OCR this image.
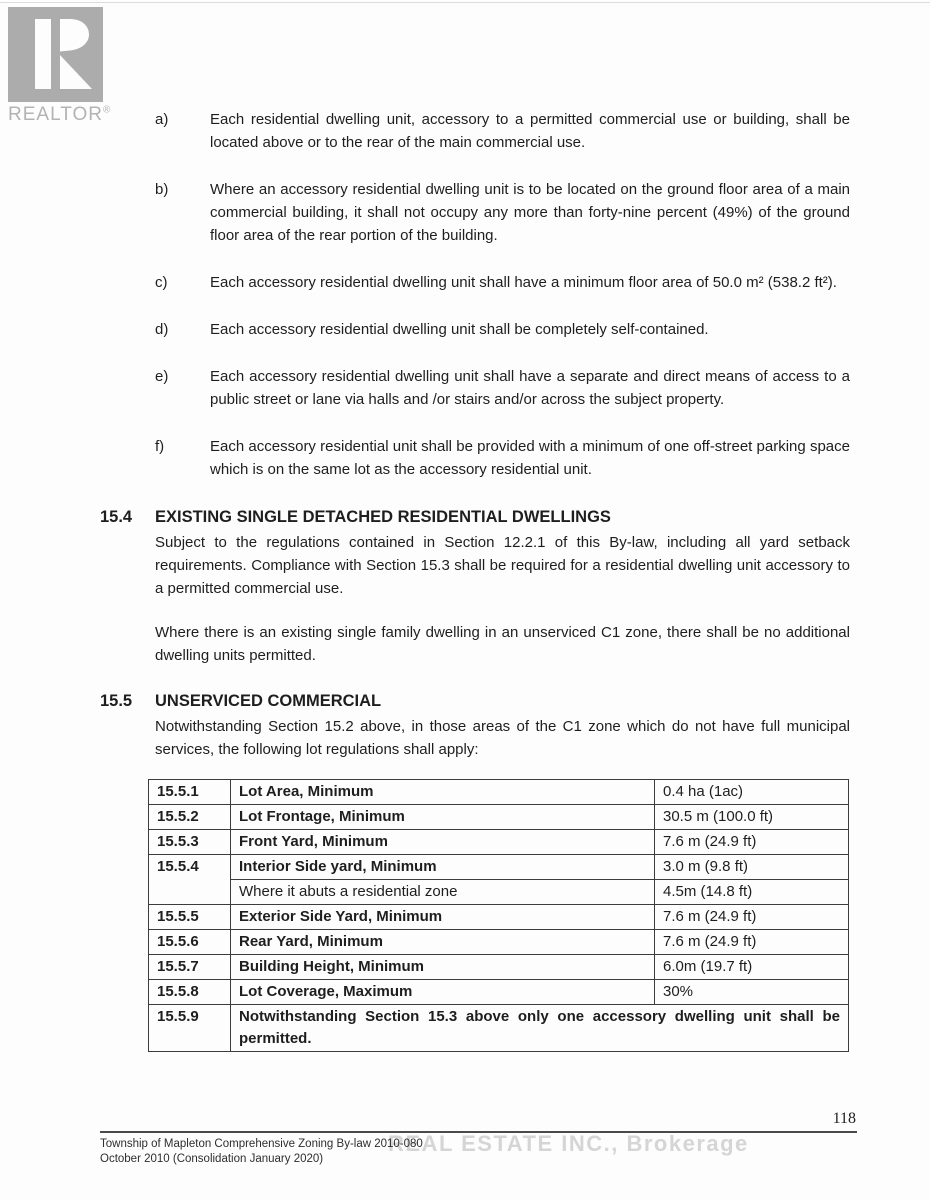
REALTOR®
a)	Each residential dwelling unit, accessory to a permitted commercial use or building, shall be located above or to the rear of the main commercial use.
b)	Where an accessory residential dwelling unit is to be located on the ground floor area of a main commercial building, it shall not occupy any more than forty-nine percent (49%) of the ground floor area of the rear portion of the building.
c)	Each accessory residential dwelling unit shall have a minimum floor area of 50.0 m² (538.2 ft²).
d)	Each accessory residential dwelling unit shall be completely self-contained.
e)	Each accessory residential dwelling unit shall have a separate and direct means of access to a public street or lane via halls and /or stairs and/or across the subject property.
f)	Each accessory residential unit shall be provided with a minimum of one off-street parking space which is on the same lot as the accessory residential unit.
15.4	EXISTING SINGLE DETACHED RESIDENTIAL DWELLINGS

Subject to the regulations contained in Section 12.2.1 of this By-law, including all yard setback requirements. Compliance with Section 15.3 shall be required for a residential dwelling unit accessory to a permitted commercial use.

Where there is an existing single family dwelling in an unserviced C1 zone, there shall be no additional dwelling units permitted.

15.5	UNSERVICED COMMERCIAL

Notwithstanding Section 15.2 above, in those areas of the C1 zone which do not have full municipal services, the following lot regulations shall apply:

15.5.1	Lot Area, Minimum	0.4 ha (1ac)
15.5.2	Lot Frontage, Minimum	30.5 m (100.0 ft)
15.5.3	Front Yard, Minimum	7.6 m (24.9 ft)
15.5.4	Interior Side yard, Minimum	3.0 m (9.8 ft)
	Where it abuts a residential zone	4.5m (14.8 ft)
15.5.5	Exterior Side Yard, Minimum	7.6 m (24.9 ft)
15.5.6	Rear Yard, Minimum	7.6 m (24.9 ft)
15.5.7	Building Height, Minimum	6.0m (19.7 ft)
15.5.8	Lot Coverage, Maximum	30%
15.5.9	Notwithstanding Section 15.3 above only one accessory dwelling unit shall be permitted.	
118
REAL ESTATE INC., Brokerage
Township of Mapleton Comprehensive Zoning By-law 2010-080
October 2010 (Consolidation January 2020)
